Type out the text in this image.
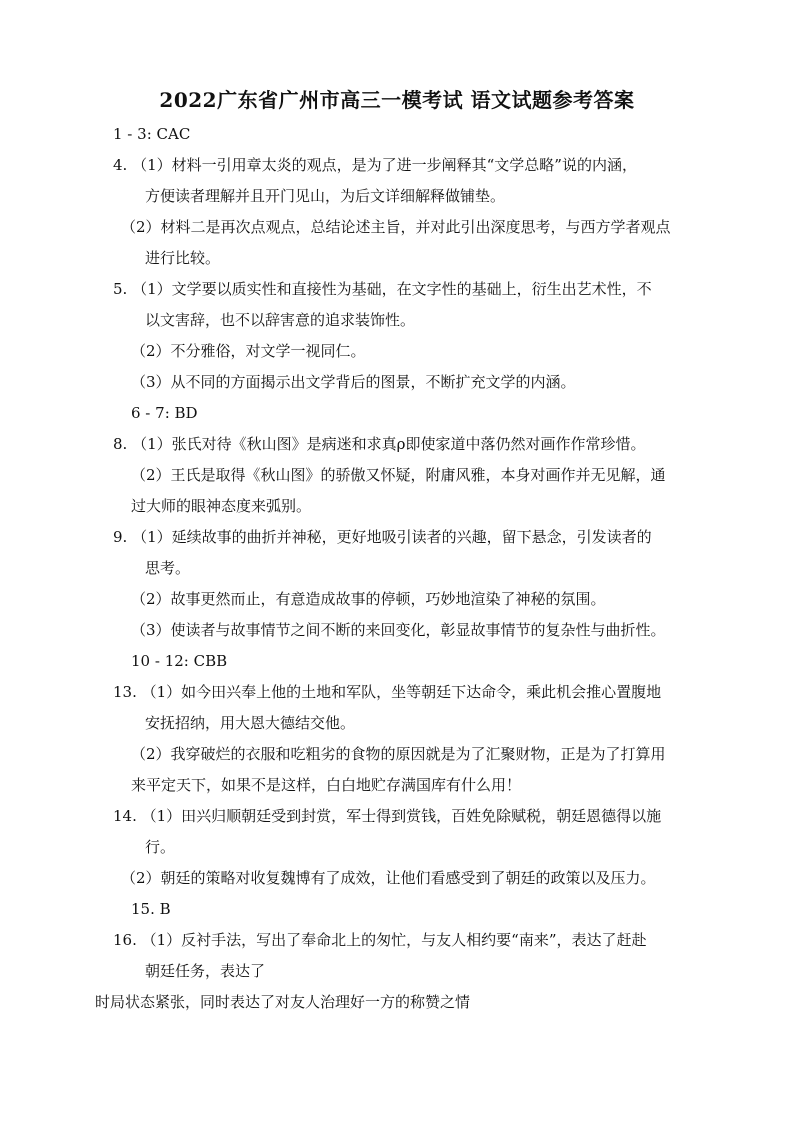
2022广东省广州市高三一模考试 语文试题参考答案
1 - 3: CAC
4. （1）材料一引用章太炎的观点，是为了进一步阐释其“文学总略”说的内涵，
方便读者理解并且开门见山，为后文详细解释做铺垫。
（2）材料二是再次点观点，总结论述主旨，并对此引出深度思考，与西方学者观点
进行比较。
5. （1）文学要以质实性和直接性为基础，在文字性的基础上，衍生出艺术性，不
以文害辞，也不以辞害意的追求装饰性。
（2）不分雅俗，对文学一视同仁。
（3）从不同的方面揭示出文学背后的图景，不断扩充文学的内涵。
6 - 7: BD
8. （1）张氏对待《秋山图》是病迷和求真ρ即使家道中落仍然对画作作常珍惜。
（2）王氏是取得《秋山图》的骄傲又怀疑，附庸风雅，本身对画作并无见解，通
过大师的眼神态度来弧别。
9. （1）延续故事的曲折并神秘，更好地吸引读者的兴趣，留下悬念，引发读者的
思考。
（2）故事更然而止，有意造成故事的停顿，巧妙地渲染了神秘的氛围。
（3）使读者与故事情节之间不断的来回变化，彰显故事情节的复杂性与曲折性。
10 - 12: CBB
13. （1）如今田兴奉上他的土地和军队，坐等朝廷下达命令，乘此机会推心置腹地
安抚招纳，用大恩大德结交他。
（2）我穿破烂的衣服和吃粗劣的食物的原因就是为了汇聚财物，正是为了打算用
来平定天下，如果不是这样，白白地贮存满国库有什么用！
14. （1）田兴归顺朝廷受到封赏，军士得到赏钱，百姓免除赋税，朝廷恩德得以施
行。
（2）朝廷的策略对收复魏博有了成效，让他们看感受到了朝廷的政策以及压力。
15. B
16. （1）反衬手法，写出了奉命北上的匆忙，与友人相约要“南来”，表达了赶赴
朝廷任务，表达了
时局状态紧张，同时表达了对友人治理好一方的称赞之情
